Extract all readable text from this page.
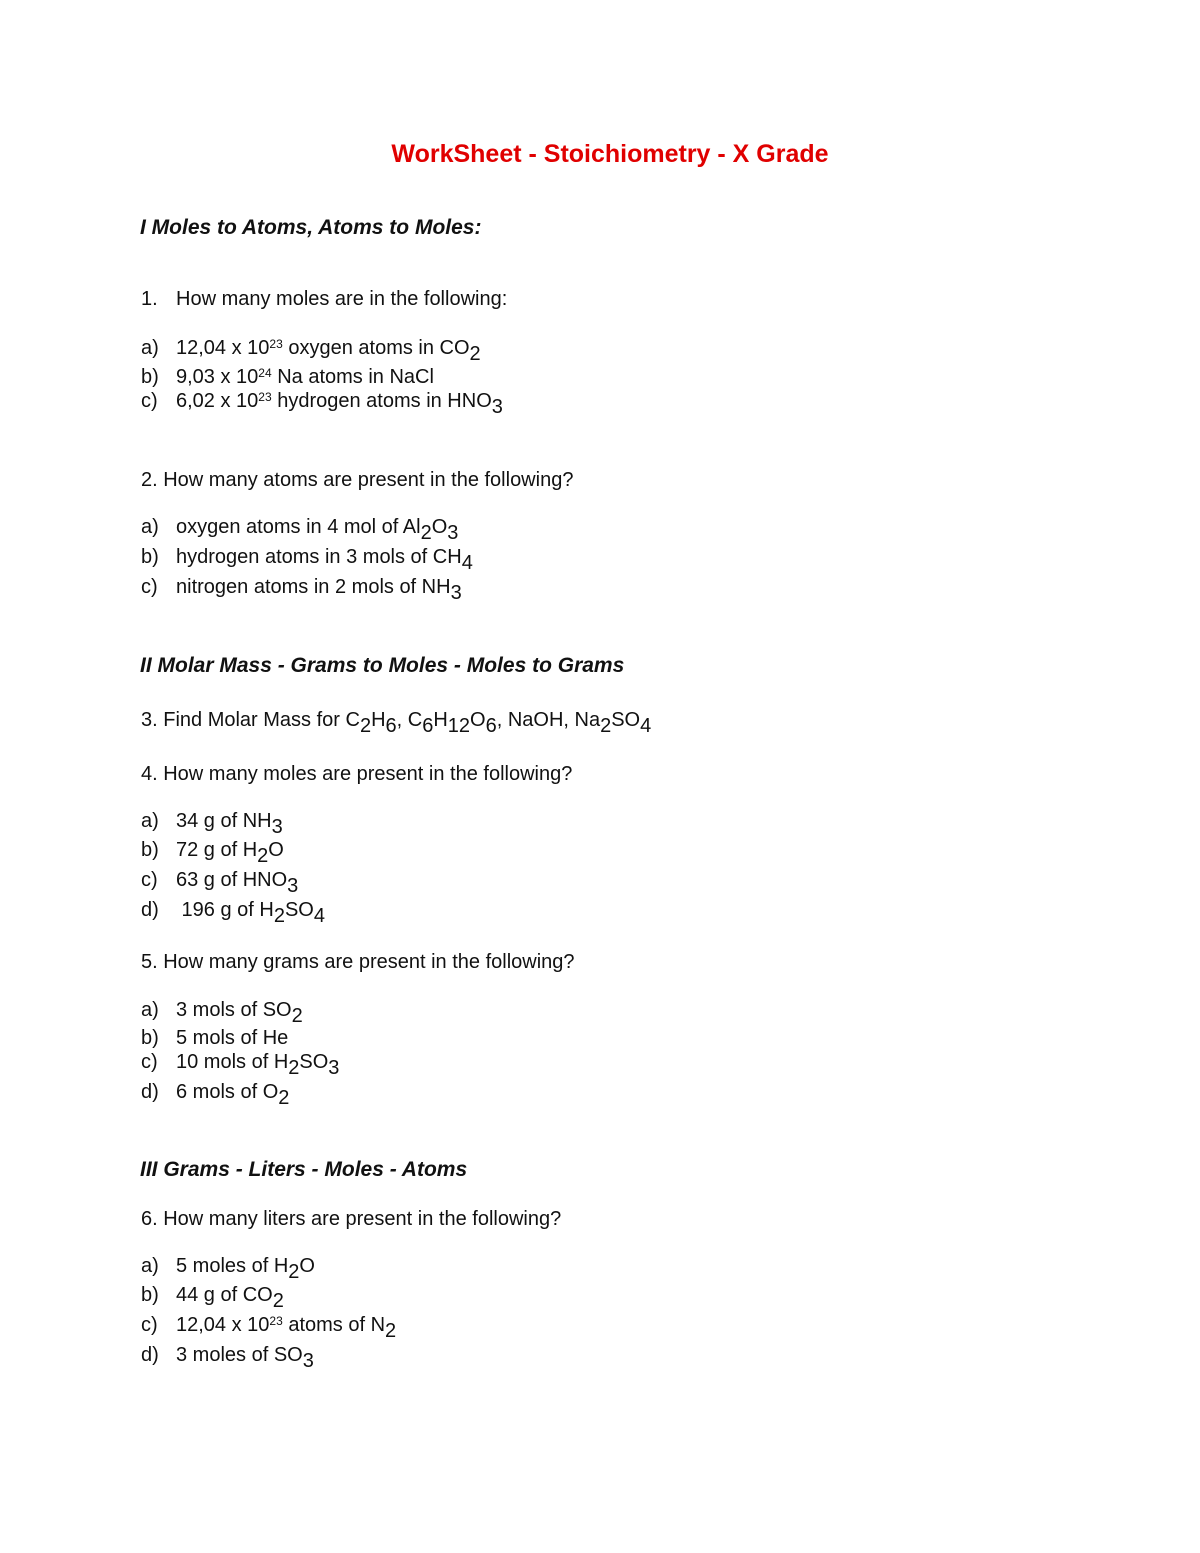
WorkSheet - Stoichiometry - X Grade
I Moles to Atoms, Atoms to Moles:
1. How many moles are in the following:
a) 12,04 x $10^{23}$ oxygen atoms in $CO_2$
b) 9,03 x $10^{24}$ Na atoms in NaCl
c) 6,02 x $10^{23}$ hydrogen atoms in $HNO_3$
2. How many atoms are present in the following?
a) oxygen atoms in 4 mol of $Al_2O_3$
b) hydrogen atoms in 3 mols of $CH_4$
c) nitrogen atoms in 2 mols of $NH_3$
II Molar Mass - Grams to Moles - Moles to Grams
3. Find Molar Mass for $C_2H_6$, $C_6H_{12}O_6$, NaOH, $Na_2SO_4$
4. How many moles are present in the following?
a) 34 g of $NH_3$
b) 72 g of $H_2O$
c) 63 g of $HNO_3$
d) 196 g of $H_2SO_4$
5. How many grams are present in the following?
a) 3 mols of $SO_2$
b) 5 mols of He
c) 10 mols of $H_2SO_3$
d) 6 mols of $O_2$
III Grams - Liters - Moles - Atoms
6. How many liters are present in the following?
a) 5 moles of $H_2O$
b) 44 g of $CO_2$
c) 12,04 x $10^{23}$ atoms of $N_2$
d) 3 moles of $SO_3$
